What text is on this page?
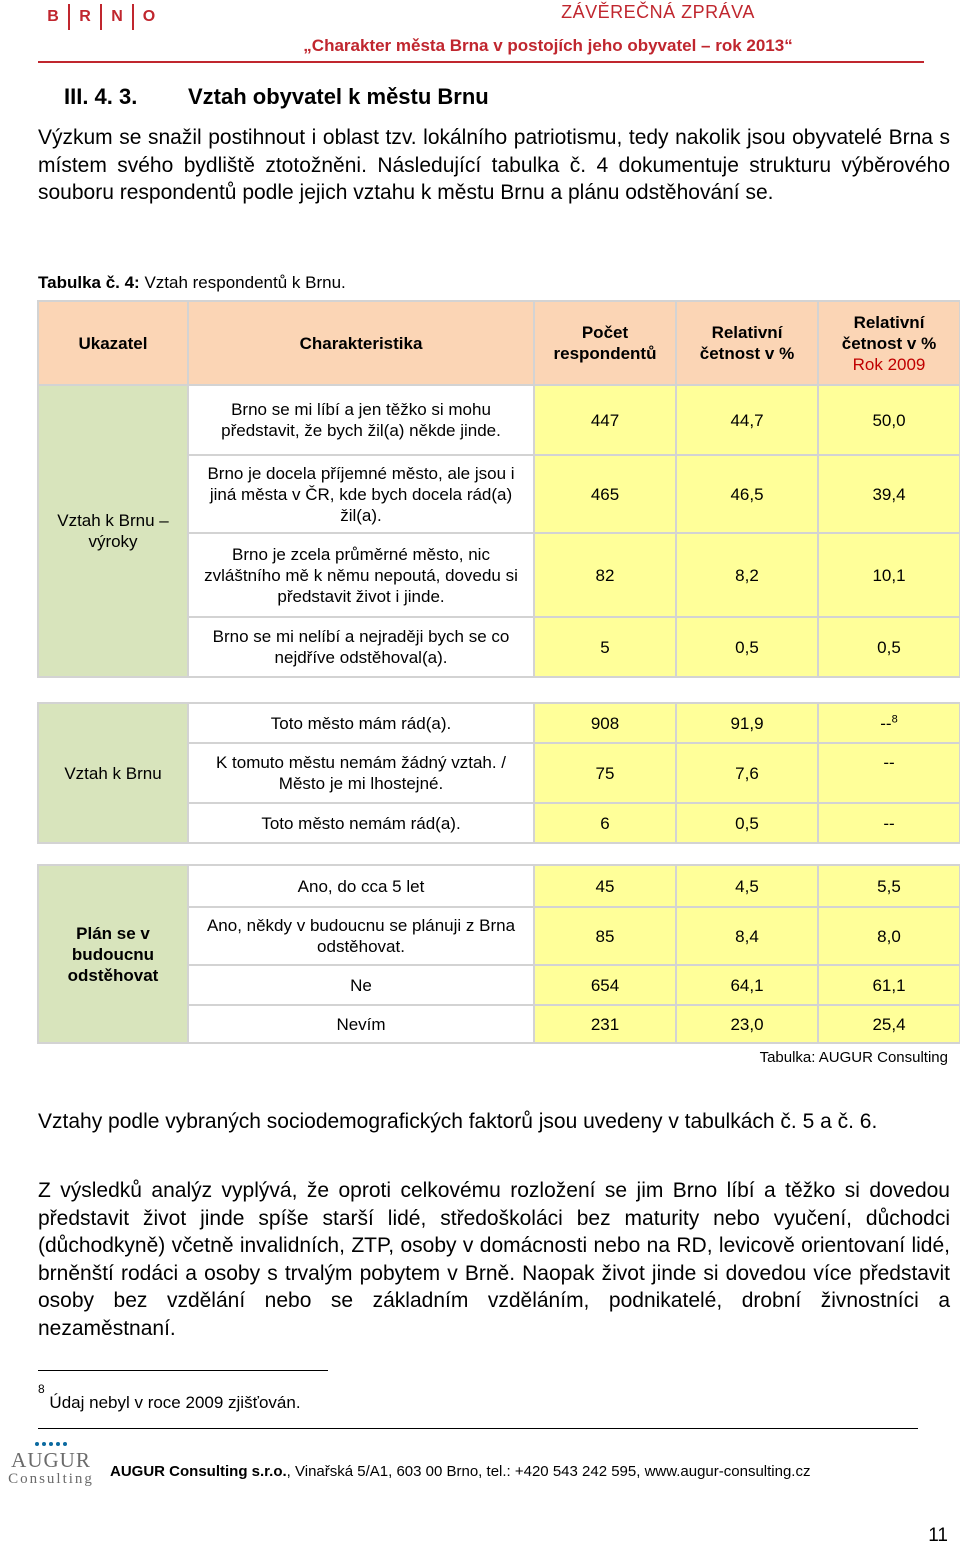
B	R	N	O	ZÁVĚREČNÁ ZPRÁVA
„Charakter města Brna v postojích jeho obyvatel – rok 2013“
III. 4. 3. Vztah obyvatel k městu Brnu
Výzkum se snažil postihnout i oblast tzv. lokálního patriotismu, tedy nakolik jsou obyvatelé Brna s místem svého bydliště ztotožněni. Následující tabulka č. 4 dokumentuje strukturu výběrového souboru respondentů podle jejich vztahu k městu Brnu a plánu odstěhování se.
Tabulka č. 4: Vztah respondentů k Brnu.
Ukazatel	Charakteristika	Počet respondentů	Relativní četnost v %	Relativní četnost v %
Rok 2009
Vztah k Brnu – výroky	Brno se mi líbí a jen těžko si mohu představit, že bych žil(a) někde jinde.	447	44,7	50,0
	Brno je docela příjemné město, ale jsou i jiná města v ČR, kde bych docela rád(a) žil(a).	465	46,5	39,4
	Brno je zcela průměrné město, nic zvláštního mě k němu nepoutá, dovedu si představit život i jinde.	82	8,2	10,1
	Brno se mi nelíbí a nejraději bych se co nejdříve odstěhoval(a).	5	0,5	0,5
Vztah k Brnu	Toto město mám rád(a).	908	91,9	--$^8$
	K tomuto městu nemám žádný vztah. / Město je mi lhostejné.	75	7,6	--
	Toto město nemám rád(a).	6	0,5	--
Plán se v budoucnu odstěhovat	Ano, do cca 5 let	45	4,5	5,5
	Ano, někdy v budoucnu se plánuji z Brna odstěhovat.	85	8,4	8,0
	Ne	654	64,1	61,1
	Nevím	231	23,0	25,4
Tabulka: AUGUR Consulting
Vztahy podle vybraných sociodemografických faktorů jsou uvedeny v tabulkách č. 5 a č. 6.
Z výsledků analýz vyplývá, že oproti celkovému rozložení se jim Brno líbí a těžko si dovedou představit život jinde spíše starší lidé, středoškoláci bez maturity nebo vyučení, důchodci (důchodkyně) včetně invalidních, ZTP, osoby v domácnosti nebo na RD, levicově orientovaní lidé, brněnští rodáci a osoby s trvalým pobytem v Brně. Naopak život jinde si dovedou více představit osoby bez vzdělání nebo se základním vzděláním, podnikatelé, drobní živnostníci a nezaměstnaní.
$^8$ Údaj nebyl v roce 2009 zjišťován.
AUGUR
Consulting AUGUR Consulting s.r.o., Vinařská 5/A1, 603 00 Brno, tel.: +420 543 242 595, www.augur-consulting.cz
11
